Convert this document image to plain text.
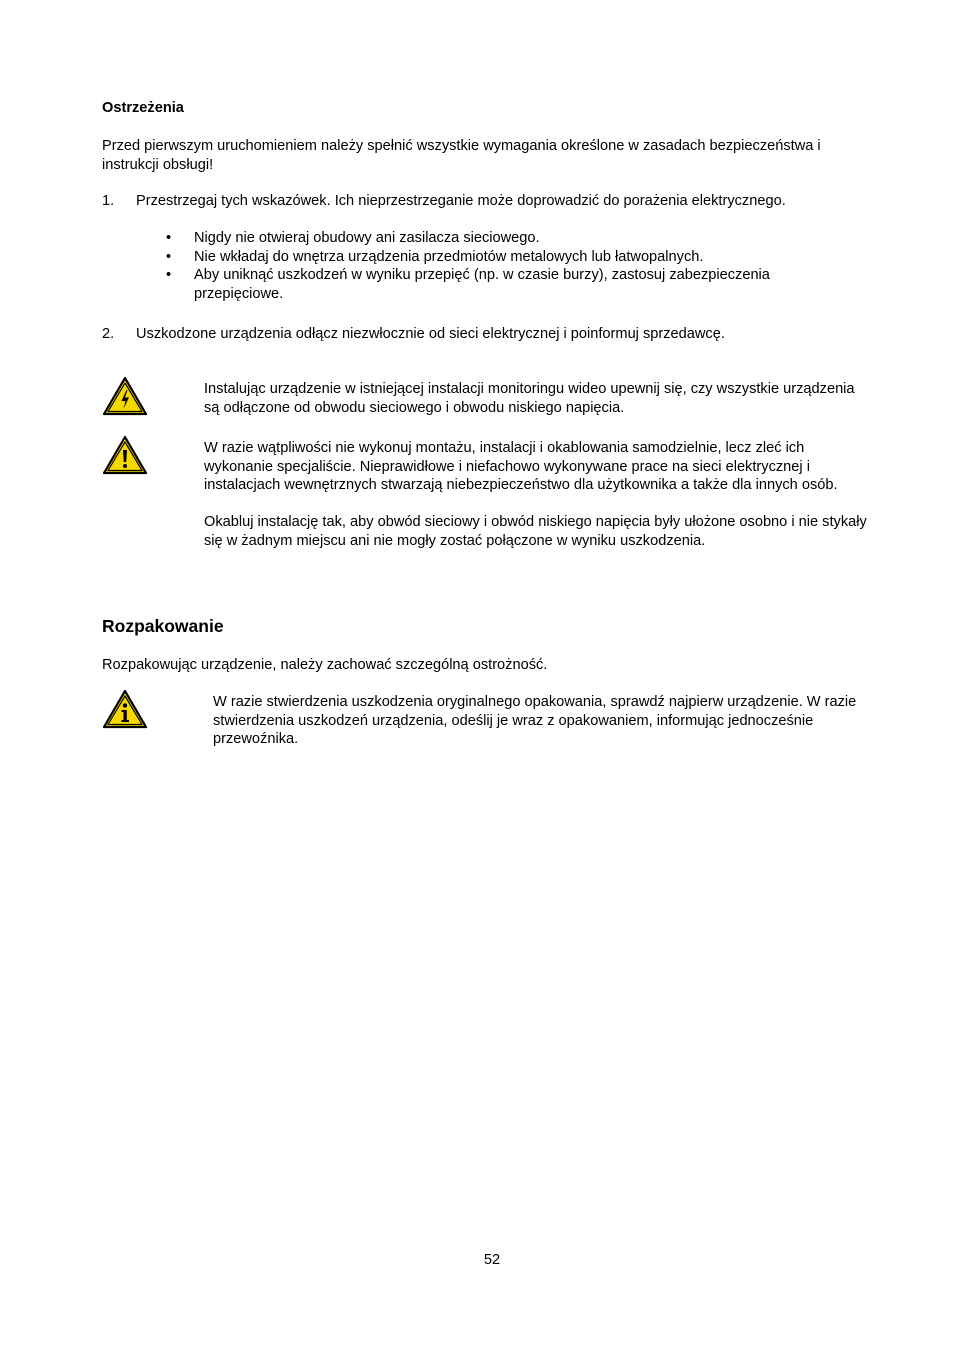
Ostrzeżenia
Przed pierwszym uruchomieniem należy spełnić wszystkie wymagania określone w zasadach bezpieczeństwa i instrukcji obsługi!
1. Przestrzegaj tych wskazówek. Ich nieprzestrzeganie może doprowadzić do porażenia elektrycznego.
• Nigdy nie otwieraj obudowy ani zasilacza sieciowego.
• Nie wkładaj do wnętrza urządzenia przedmiotów metalowych lub łatwopalnych.
• Aby uniknąć uszkodzeń w wyniku przepięć (np. w czasie burzy), zastosuj zabezpieczenia przepięciowe.
2. Uszkodzone urządzenia odłącz niezwłocznie od sieci elektrycznej i poinformuj sprzedawcę.
Instalując urządzenie w istniejącej instalacji monitoringu wideo upewnij się, czy wszystkie urządzenia są odłączone od obwodu sieciowego i obwodu niskiego napięcia.
W razie wątpliwości nie wykonuj montażu, instalacji i okablowania samodzielnie, lecz zleć ich wykonanie specjaliście. Nieprawidłowe i niefachowo wykonywane prace na sieci elektrycznej i instalacjach wewnętrznych stwarzają niebezpieczeństwo dla użytkownika a także dla innych osób.
Okabluj instalację tak, aby obwód sieciowy i obwód niskiego napięcia były ułożone osobno i nie stykały się w żadnym miejscu ani nie mogły zostać połączone w wyniku uszkodzenia.
Rozpakowanie
Rozpakowując urządzenie, należy zachować szczególną ostrożność.
W razie stwierdzenia uszkodzenia oryginalnego opakowania, sprawdź najpierw urządzenie. W razie stwierdzenia uszkodzeń urządzenia, odeślij je wraz z opakowaniem, informując jednocześnie przewoźnika.
52
